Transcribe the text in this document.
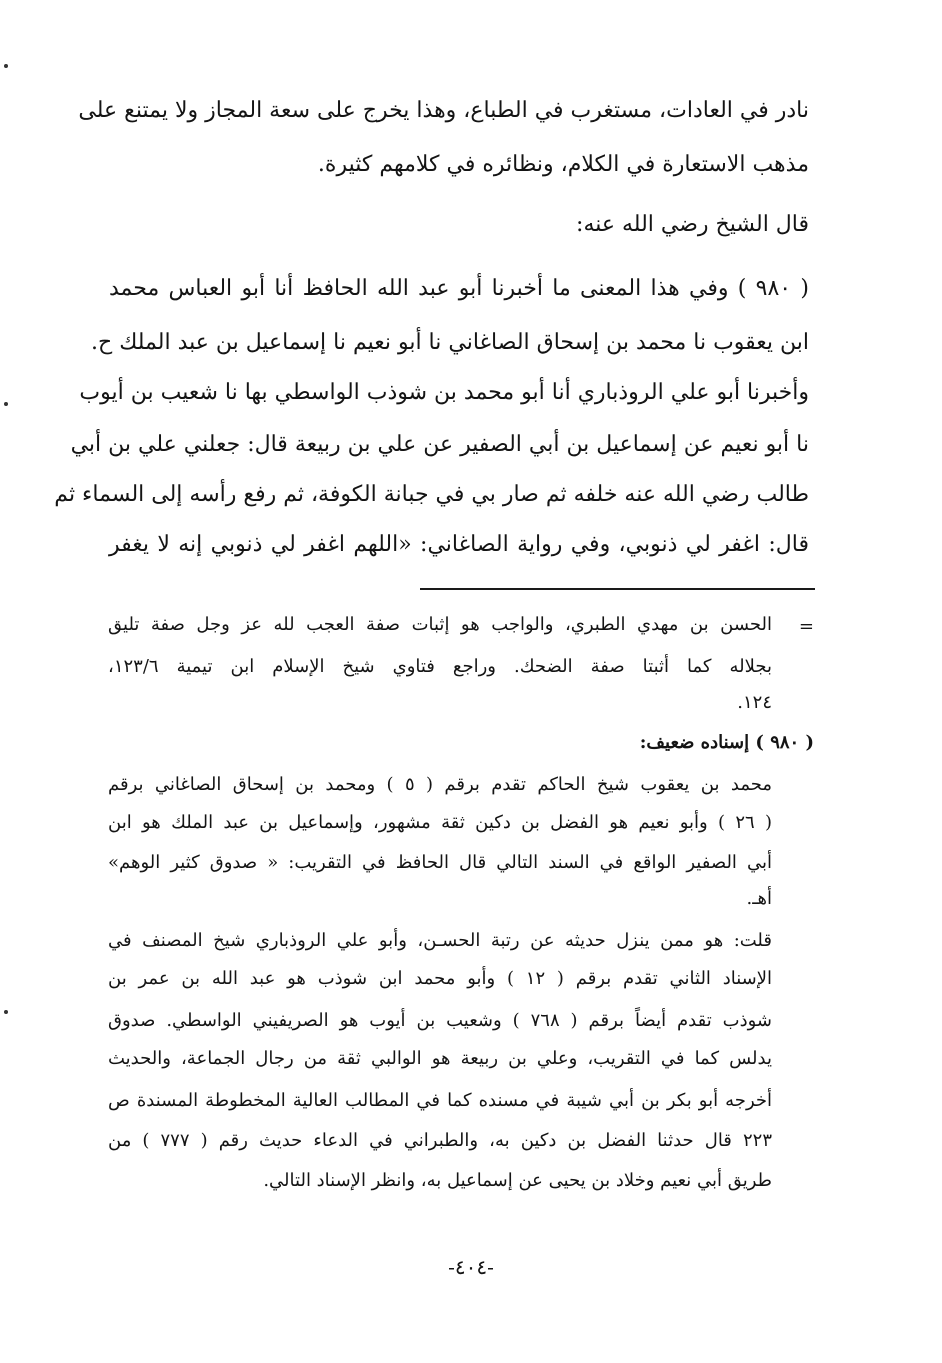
نادر في العادات، مستغرب في الطباع، وهذا يخرج على سعة المجاز ولا يمتنع على
مذهب الاستعارة في الكلام، ونظائره في كلامهم كثيرة.
قال الشيخ رضي الله عنه:
( ٩٨٠ ) وفي هذا المعنى ما أخبرنا أبو عبد الله الحافظ أنا أبو العباس محمد
ابن يعقوب نا محمد بن إسحاق الصاغاني نا أبو نعيم نا إسماعيل بن عبد الملك ح.
وأخبرنا أبو علي الروذباري أنا أبو محمد بن شوذب الواسطي بها نا شعيب بن أيوب
نا أبو نعيم عن إسماعيل بن أبي الصفير عن علي بن ربيعة قال: جعلني علي بن أبي
طالب رضي الله عنه خلفه ثم صار بي في جبانة الكوفة، ثم رفع رأسه إلى السماء ثم
قال: اغفر لي ذنوبي، وفي رواية الصاغاني: «اللهم اغفر لي ذنوبي إنه لا يغفر
=
الحسن بن مهدي الطبري، والواجب هو إثبات صفة العجب لله عز وجل صفة تليق
بجلاله كما أثبتا صفة الضحك. وراجع فتاوي شيخ الإسلام ابن تيمية ١٢٣/٦،
١٢٤.
( ٩٨٠ ) إسناده ضعيف:
محمد بن يعقوب شيخ الحاكم تقدم برقم ( ٥ ) ومحمد بن إسحاق الصاغاني برقم
( ٢٦ ) وأبو نعيم هو الفضل بن دكين ثقة مشهور، وإسماعيل بن عبد الملك هو ابن
أبي الصفير الواقع في السند التالي قال الحافظ في التقريب: « صدوق كثير الوهم»
أهـ.
قلت: هو ممن ينزل حديثه عن رتبة الحسـن، وأبو علي الروذباري شيخ المصنف في
الإسناد الثاني تقدم برقم ( ١٢ ) وأبو محمد ابن شوذب هو عبد الله بن عمر بن
شوذب تقدم أيضاً برقم ( ٧٦٨ ) وشعيب بن أيوب هو الصريفيني الواسطي. صدوق
يدلس كما في التقريب، وعلي بن ربيعة هو الوالبي ثقة من رجال الجماعة، والحديث
أخرجه أبو بكر بن أبي شيبة في مسنده كما في المطالب العالية المخطوطة المسندة ص
٢٢٣ قال حدثنا الفضل بن دكين به، والطبراني في الدعاء حديث رقم ( ٧٧٧ ) من
طريق أبي نعيم وخلاد بن يحيى عن إسماعيل به، وانظر الإسناد التالي.
-٤٠٤-
